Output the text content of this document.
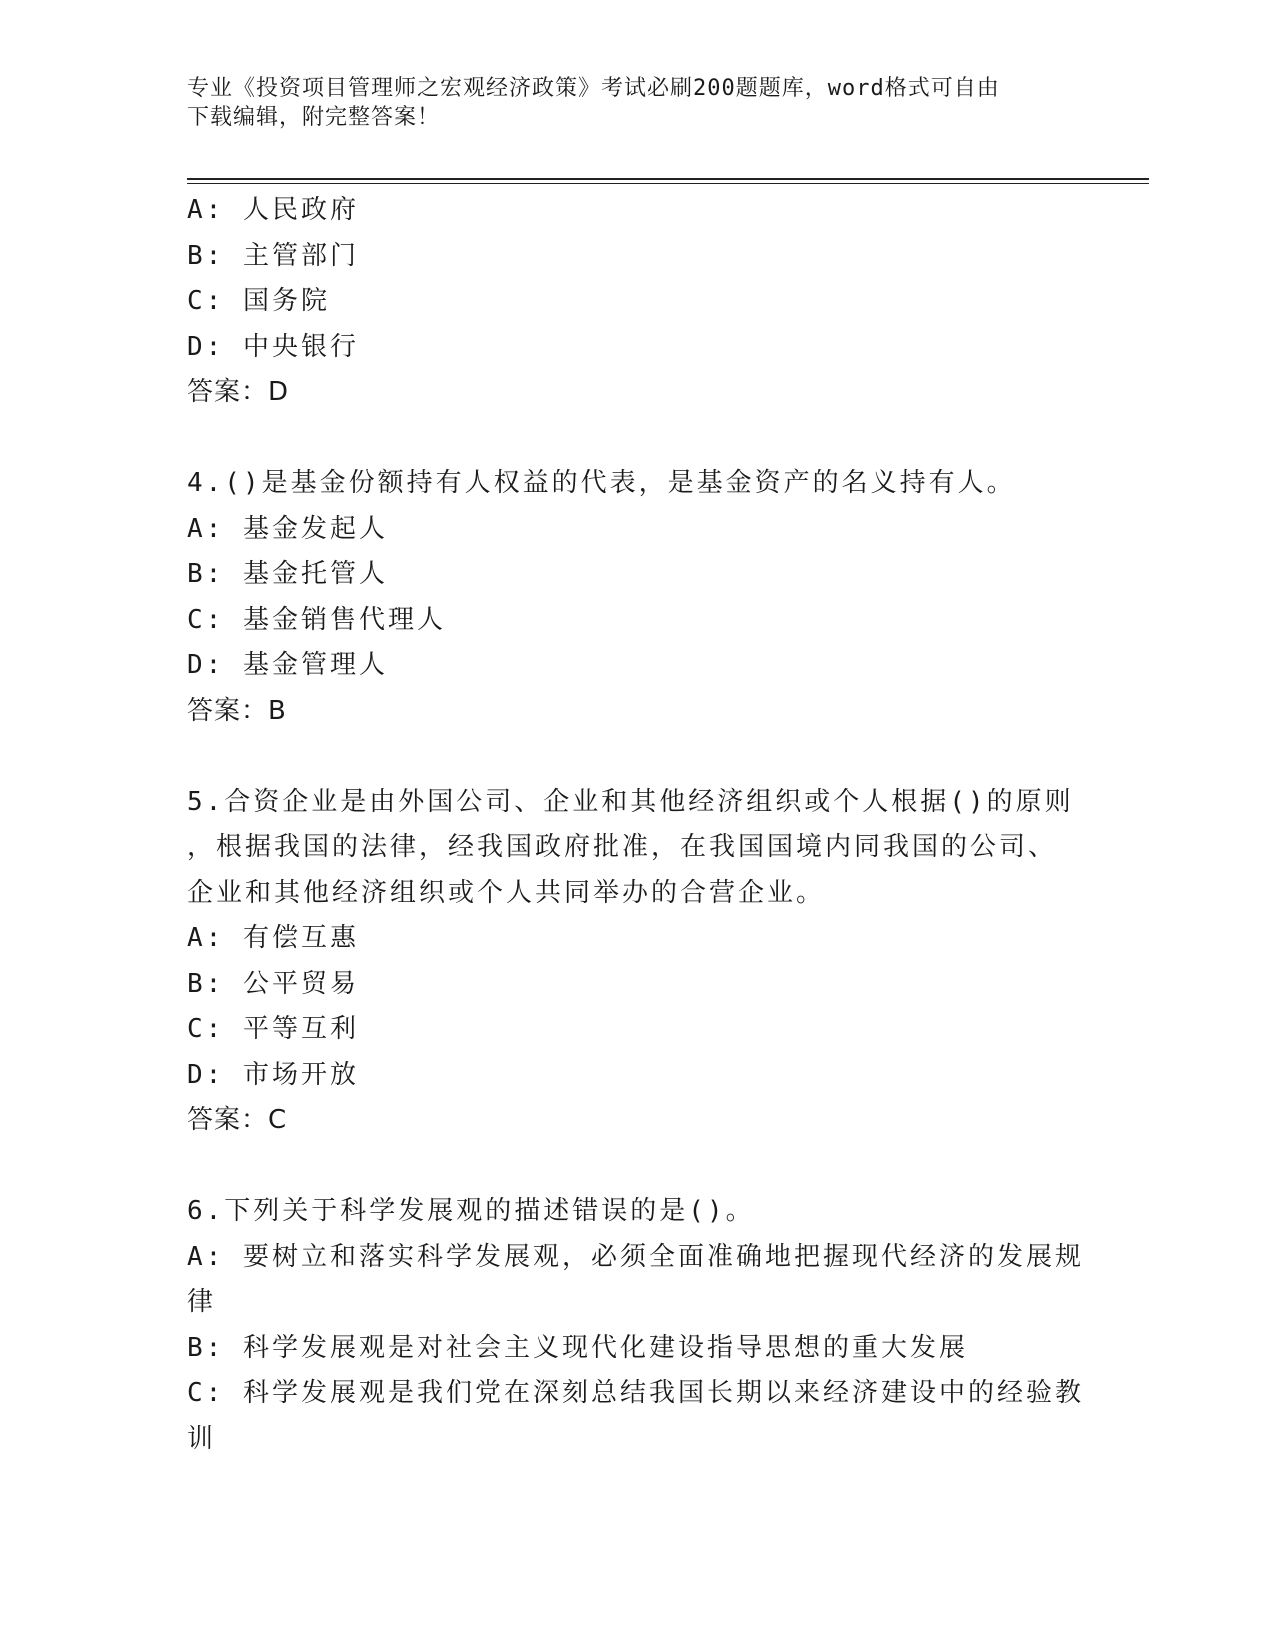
专业《投资项目管理师之宏观经济政策》考试必刷200题题库，word格式可自由
下载编辑，附完整答案！
A: 人民政府
B: 主管部门
C: 国务院
D: 中央银行
答案：D
4.()是基金份额持有人权益的代表，是基金资产的名义持有人。
A: 基金发起人
B: 基金托管人
C: 基金销售代理人
D: 基金管理人
答案：B
5.合资企业是由外国公司、企业和其他经济组织或个人根据()的原则
，根据我国的法律，经我国政府批准，在我国国境内同我国的公司、
企业和其他经济组织或个人共同举办的合营企业。
A: 有偿互惠
B: 公平贸易
C: 平等互利
D: 市场开放
答案：C
6.下列关于科学发展观的描述错误的是()。
A: 要树立和落实科学发展观，必须全面准确地把握现代经济的发展规
律
B: 科学发展观是对社会主义现代化建设指导思想的重大发展
C: 科学发展观是我们党在深刻总结我国长期以来经济建设中的经验教
训
